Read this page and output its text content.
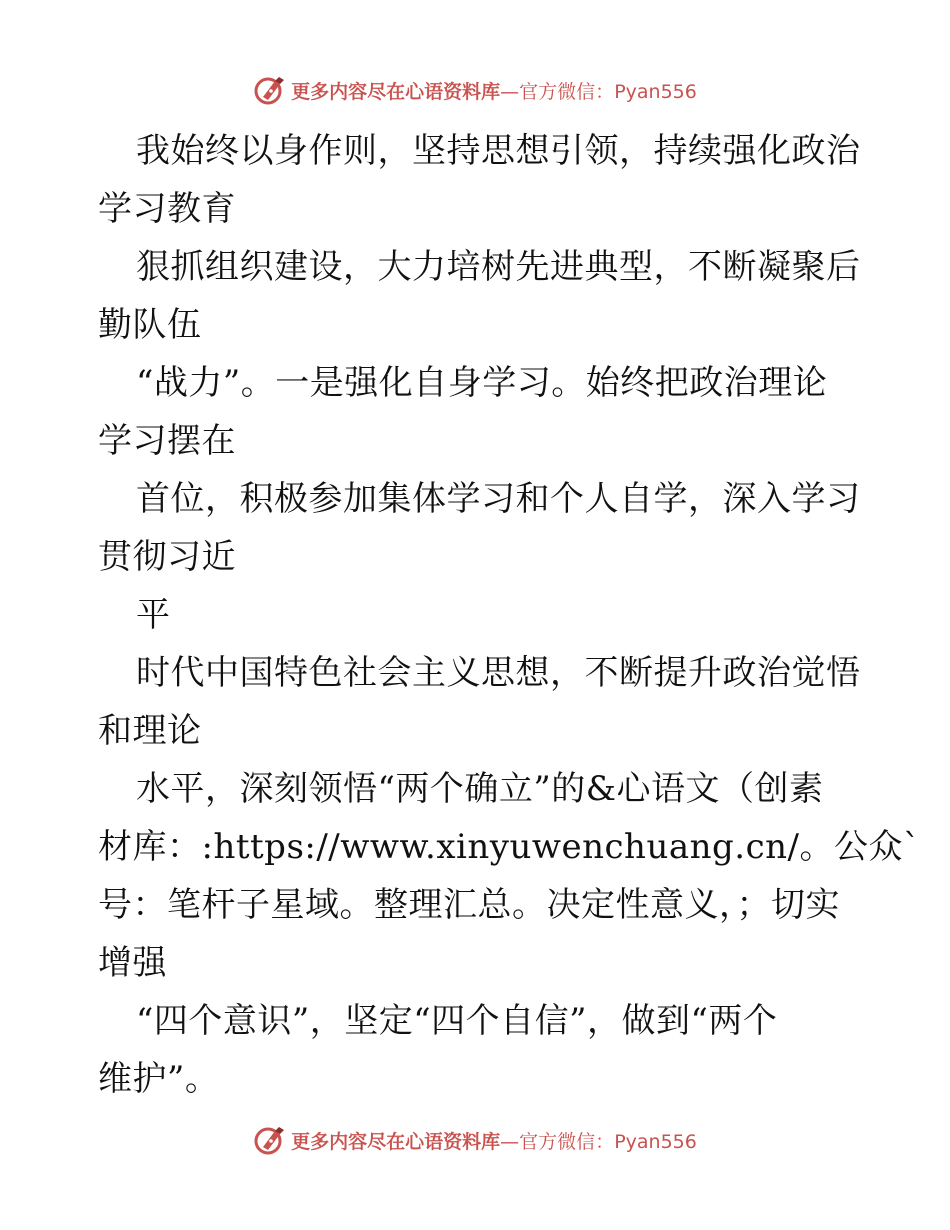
更多内容尽在心语资料库—官方微信：Pyan556
我始终以身作则，坚持思想引领，持续强化政治
学习教育
狠抓组织建设，大力培树先进典型，不断凝聚后
勤队伍
“战力”。一是强化自身学习。始终把政治理论
学习摆在
首位，积极参加集体学习和个人自学，深入学习
贯彻习近
平
时代中国特色社会主义思想，不断提升政治觉悟
和理论
水平，深刻领悟“两个确立”的&心语文（创素
材库：:https://www.xinyuwenchuang.cn/。公众`
号：笔杆子星域。整理汇总。决定性意义，；切实
增强
“四个意识”，坚定“四个自信”，做到“两个
维护”。
更多内容尽在心语资料库—官方微信：Pyan556
